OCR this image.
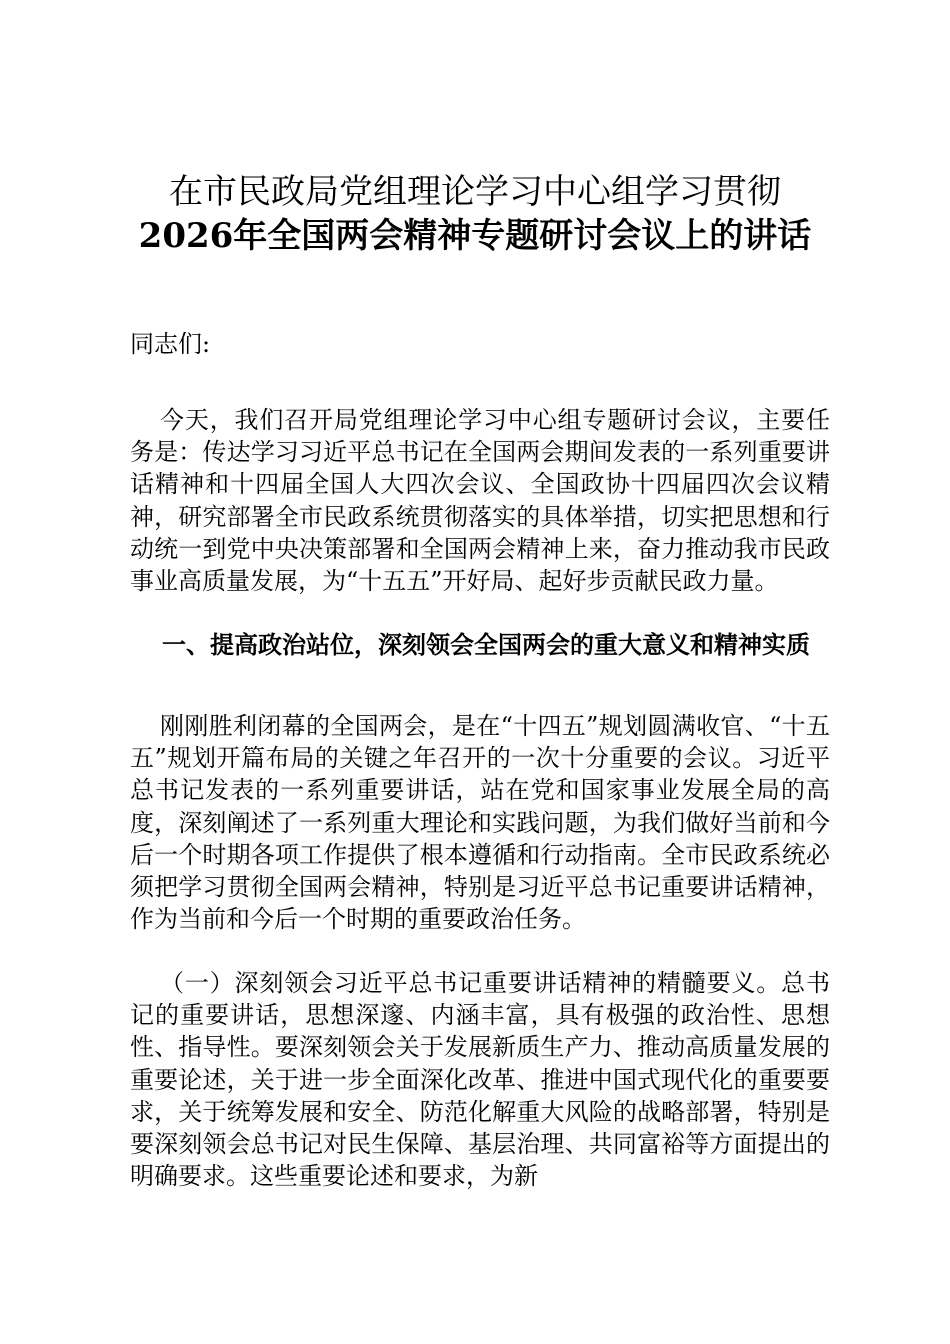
在市民政局党组理论学习中心组学习贯彻
2026年全国两会精神专题研讨会议上的讲话
同志们:

今天，我们召开局党组理论学习中心组专题研讨会议，主要任务是：传达学习习近平总书记在全国两会期间发表的一系列重要讲话精神和十四届全国人大四次会议、全国政协十四届四次会议精神，研究部署全市民政系统贯彻落实的具体举措，切实把思想和行动统一到党中央决策部署和全国两会精神上来，奋力推动我市民政事业高质量发展，为“十五五”开好局、起好步贡献民政力量。

一、提高政治站位，深刻领会全国两会的重大意义和精神实质

刚刚胜利闭幕的全国两会，是在“十四五”规划圆满收官、“十五五”规划开篇布局的关键之年召开的一次十分重要的会议。习近平总书记发表的一系列重要讲话，站在党和国家事业发展全局的高度，深刻阐述了一系列重大理论和实践问题，为我们做好当前和今后一个时期各项工作提供了根本遵循和行动指南。全市民政系统必须把学习贯彻全国两会精神，特别是习近平总书记重要讲话精神，作为当前和今后一个时期的重要政治任务。

（一）深刻领会习近平总书记重要讲话精神的精髓要义。总书记的重要讲话，思想深邃、内涵丰富，具有极强的政治性、思想性、指导性。要深刻领会关于发展新质生产力、推动高质量发展的重要论述，关于进一步全面深化改革、推进中国式现代化的重要要求，关于统筹发展和安全、防范化解重大风险的战略部署，特别是要深刻领会总书记对民生保障、基层治理、共同富裕等方面提出的明确要求。这些重要论述和要求，为新
